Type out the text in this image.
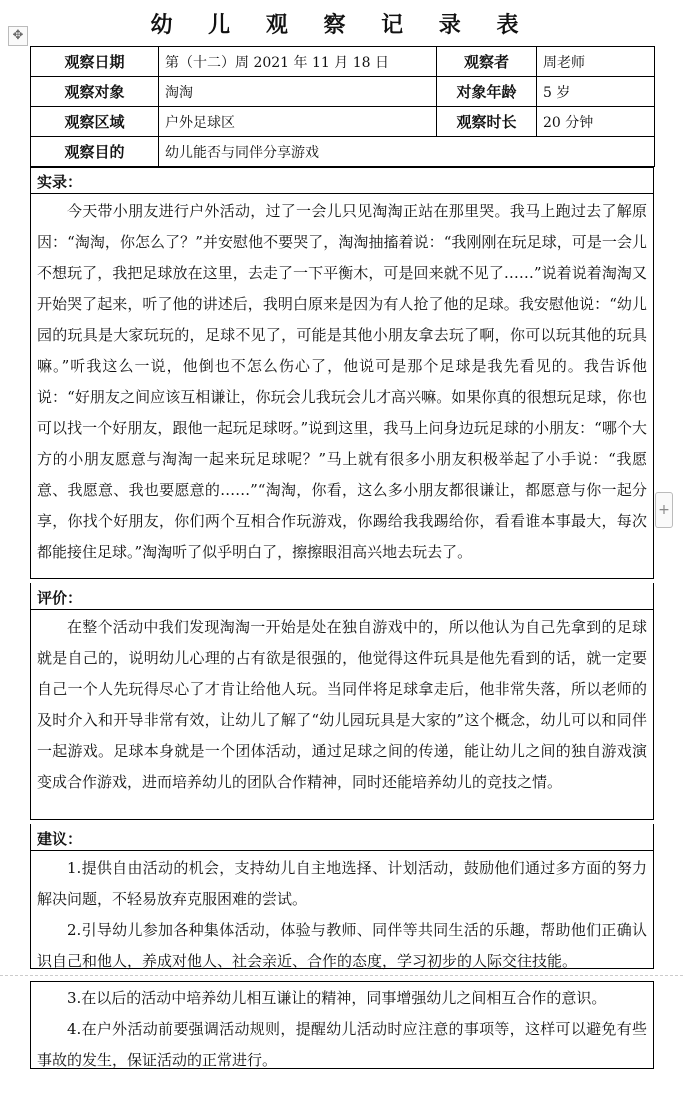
幼 儿 观 察 记 录 表
✥
观察日期	第（十二）周 2021 年 11 月 18 日	观察者	周老师
观察对象	淘淘	对象年龄	5 岁
观察区域	户外足球区	观察时长	20 分钟
观察目的	幼儿能否与同伴分享游戏		
实录：

今天带小朋友进行户外活动，过了一会儿只见淘淘正站在那里哭。我马上跑过去了解原因：“淘淘，你怎么了？”并安慰他不要哭了，淘淘抽搐着说：“我刚刚在玩足球，可是一会儿不想玩了，我把足球放在这里，去走了一下平衡木，可是回来就不见了……”说着说着淘淘又开始哭了起来，听了他的讲述后，我明白原来是因为有人抢了他的足球。我安慰他说：“幼儿园的玩具是大家玩玩的，足球不见了，可能是其他小朋友拿去玩了啊，你可以玩其他的玩具嘛。”听我这么一说，他倒也不怎么伤心了，他说可是那个足球是我先看见的。我告诉他说：“好朋友之间应该互相谦让，你玩会儿我玩会儿才高兴嘛。如果你真的很想玩足球，你也可以找一个好朋友，跟他一起玩足球呀。”说到这里，我马上问身边玩足球的小朋友：“哪个大方的小朋友愿意与淘淘一起来玩足球呢？”马上就有很多小朋友积极举起了小手说：“我愿意、我愿意、我也要愿意的……”“淘淘，你看，这么多小朋友都很谦让，都愿意与你一起分享，你找个好朋友，你们两个互相合作玩游戏，你踢给我我踢给你，看看谁本事最大，每次都能接住足球。”淘淘听了似乎明白了，擦擦眼泪高兴地去玩去了。

评价：

在整个活动中我们发现淘淘一开始是处在独自游戏中的，所以他认为自己先拿到的足球就是自己的，说明幼儿心理的占有欲是很强的，他觉得这件玩具是他先看到的话，就一定要自己一个人先玩得尽心了才肯让给他人玩。当同伴将足球拿走后，他非常失落，所以老师的及时介入和开导非常有效，让幼儿了解了“幼儿园玩具是大家的”这个概念，幼儿可以和同伴一起游戏。足球本身就是一个团体活动，通过足球之间的传递，能让幼儿之间的独自游戏演变成合作游戏，进而培养幼儿的团队合作精神，同时还能培养幼儿的竞技之情。

建议：

1.提供自由活动的机会，支持幼儿自主地选择、计划活动，鼓励他们通过多方面的努力解决问题，不轻易放弃克服困难的尝试。

2.引导幼儿参加各种集体活动，体验与教师、同伴等共同生活的乐趣，帮助他们正确认识自己和他人，养成对他人、社会亲近、合作的态度，学习初步的人际交往技能。

3.在以后的活动中培养幼儿相互谦让的精神，同事增强幼儿之间相互合作的意识。

4.在户外活动前要强调活动规则，提醒幼儿活动时应注意的事项等，这样可以避免有些事故的发生，保证活动的正常进行。

+
